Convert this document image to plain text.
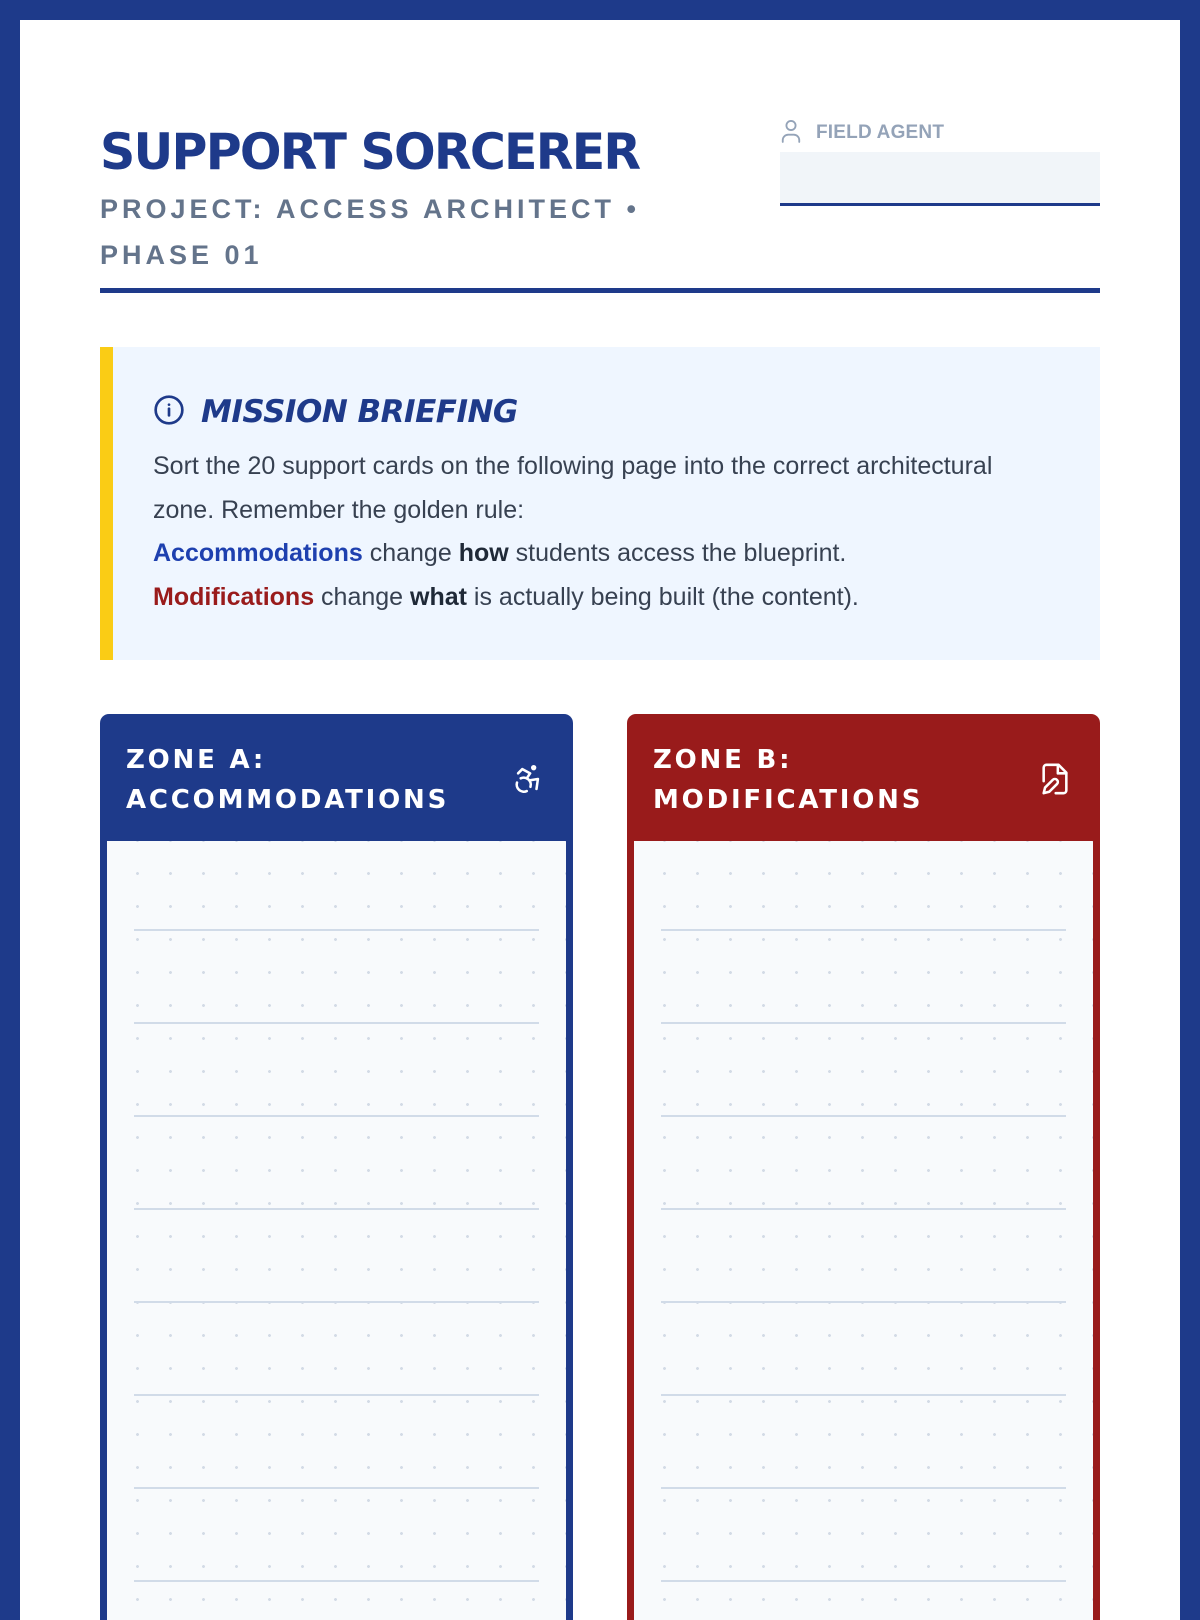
SUPPORT SORCERER
PROJECT: ACCESS ARCHITECT • PHASE 01
FIELD AGENT
MISSION BRIEFING
Sort the 20 support cards on the following page into the correct architectural zone. Remember the golden rule:
Accommodations change how students access the blueprint.
Modifications change what is actually being built (the content).
ZONE A: ACCOMMODATIONS
ZONE B: MODIFICATIONS
